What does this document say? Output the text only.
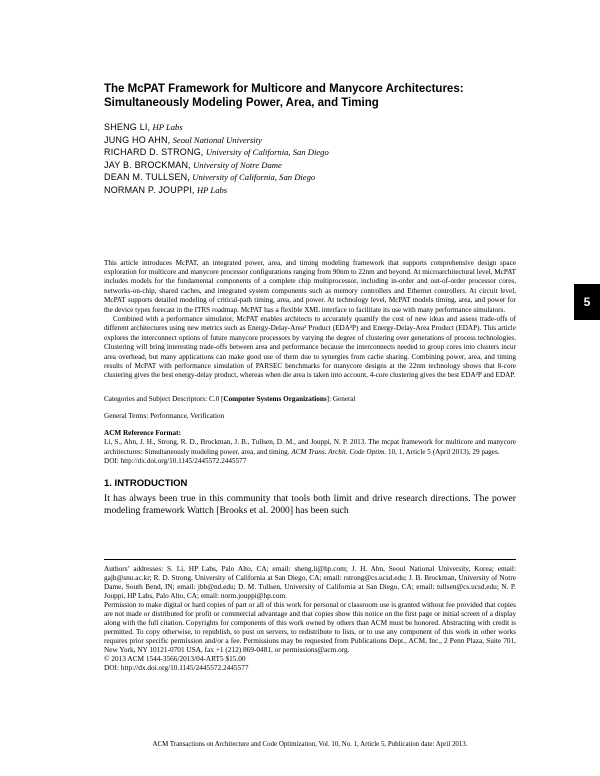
The McPAT Framework for Multicore and Manycore Architectures:
Simultaneously Modeling Power, Area, and Timing
SHENG LI , HP Labs
JUNG HO AHN , Seoul National University
RICHARD D. STRONG , University of California, San Diego
JAY B. BROCKMAN , University of Notre Dame
DEAN M. TULLSEN , University of California, San Diego
NORMAN P. JOUPPI , HP Labs

This article introduces McPAT, an integrated power, area, and timing modeling framework that supports comprehensive design space exploration for multicore and manycore processor configurations ranging from 90nm to 22nm and beyond. At microarchitectural level, McPAT includes models for the fundamental components of a complete chip multiprocessor, including in-order and out-of-order processor cores, networks-on-chip, shared caches, and integrated system components such as memory controllers and Ethernet controllers. At circuit level, McPAT supports detailed modeling of critical-path timing, area, and power. At technology level, McPAT models timing, area, and power for the device types forecast in the ITRS roadmap. McPAT has a flexible XML interface to facilitate its use with many performance simulators.

Combined with a performance simulator, McPAT enables architects to accurately quantify the cost of new ideas and assess trade-offs of different architectures using new metrics such as Energy-Delay-Area² Product (EDA²P) and Energy-Delay-Area Product (EDAP). This article explores the interconnect options of future manycore processors by varying the degree of clustering over generations of process technologies. Clustering will bring interesting trade-offs between area and performance because the interconnects needed to group cores into clusters incur area overhead, but many applications can make good use of them due to synergies from cache sharing. Combining power, area, and timing results of McPAT with performance simulation of PARSEC benchmarks for manycore designs at the 22nm technology shows that 8-core clustering gives the best energy-delay product, whereas when die area is taken into account, 4-core clustering gives the best EDA²P and EDAP.

Categories and Subject Descriptors: C.0 [Computer Systems Organizations]: General

General Terms: Performance, Verification

ACM Reference Format:

Li, S., Ahn, J. H., Strong, R. D., Brockman, J. B., Tullsen, D. M., and Jouppi, N. P. 2013. The mcpat framework for multicore and manycore architectures: Simultaneously modeling power, area, and timing. ACM Trans. Archit. Code Optim. 10, 1, Article 5 (April 2013), 29 pages.

DOI: http://dx.doi.org/10.1145/2445572.2445577

1. INTRODUCTION

It has always been true in this community that tools both limit and drive research directions. The power modeling framework Wattch [Brooks et al. 2000] has been such

Authors’ addresses: S. Li, HP Labs, Palo Alto, CA; email: sheng.li@hp.com; J. H. Ahn, Seoul National University, Korea; email: gajh@snu.ac.kr; R. D. Strong, University of California at San Diego, CA; email: rstrong@cs.ucsd.edu; J. B. Brockman, University of Notre Dame, South Bend, IN; email: jbb@nd.edu; D. M. Tullsen, University of California at San Diego, CA; email: tullsen@cs.ucsd.edu; N. P. Jouppi, HP Labs, Palo Alto, CA; email: norm.jouppi@hp.com.

Permission to make digital or hard copies of part or all of this work for personal or classroom use is granted without fee provided that copies are not made or distributed for profit or commercial advantage and that copies show this notice on the first page or initial screen of a display along with the full citation. Copyrights for components of this work owned by others than ACM must be honored. Abstracting with credit is permitted. To copy otherwise, to republish, to post on servers, to redistribute to lists, or to use any component of this work in other works requires prior specific permission and/or a fee. Permissions may be requested from Publications Dept., ACM, Inc., 2 Penn Plaza, Suite 701, New York, NY 10121-0701 USA, fax +1 (212) 869-0481, or permissions@acm.org.

© 2013 ACM 1544-3566/2013/04-ART5 $15.00

DOI: http://dx.doi.org/10.1145/2445572.2445577

ACM Transactions on Architecture and Code Optimization, Vol. 10, No. 1, Article 5, Publication date: April 2013.

5
